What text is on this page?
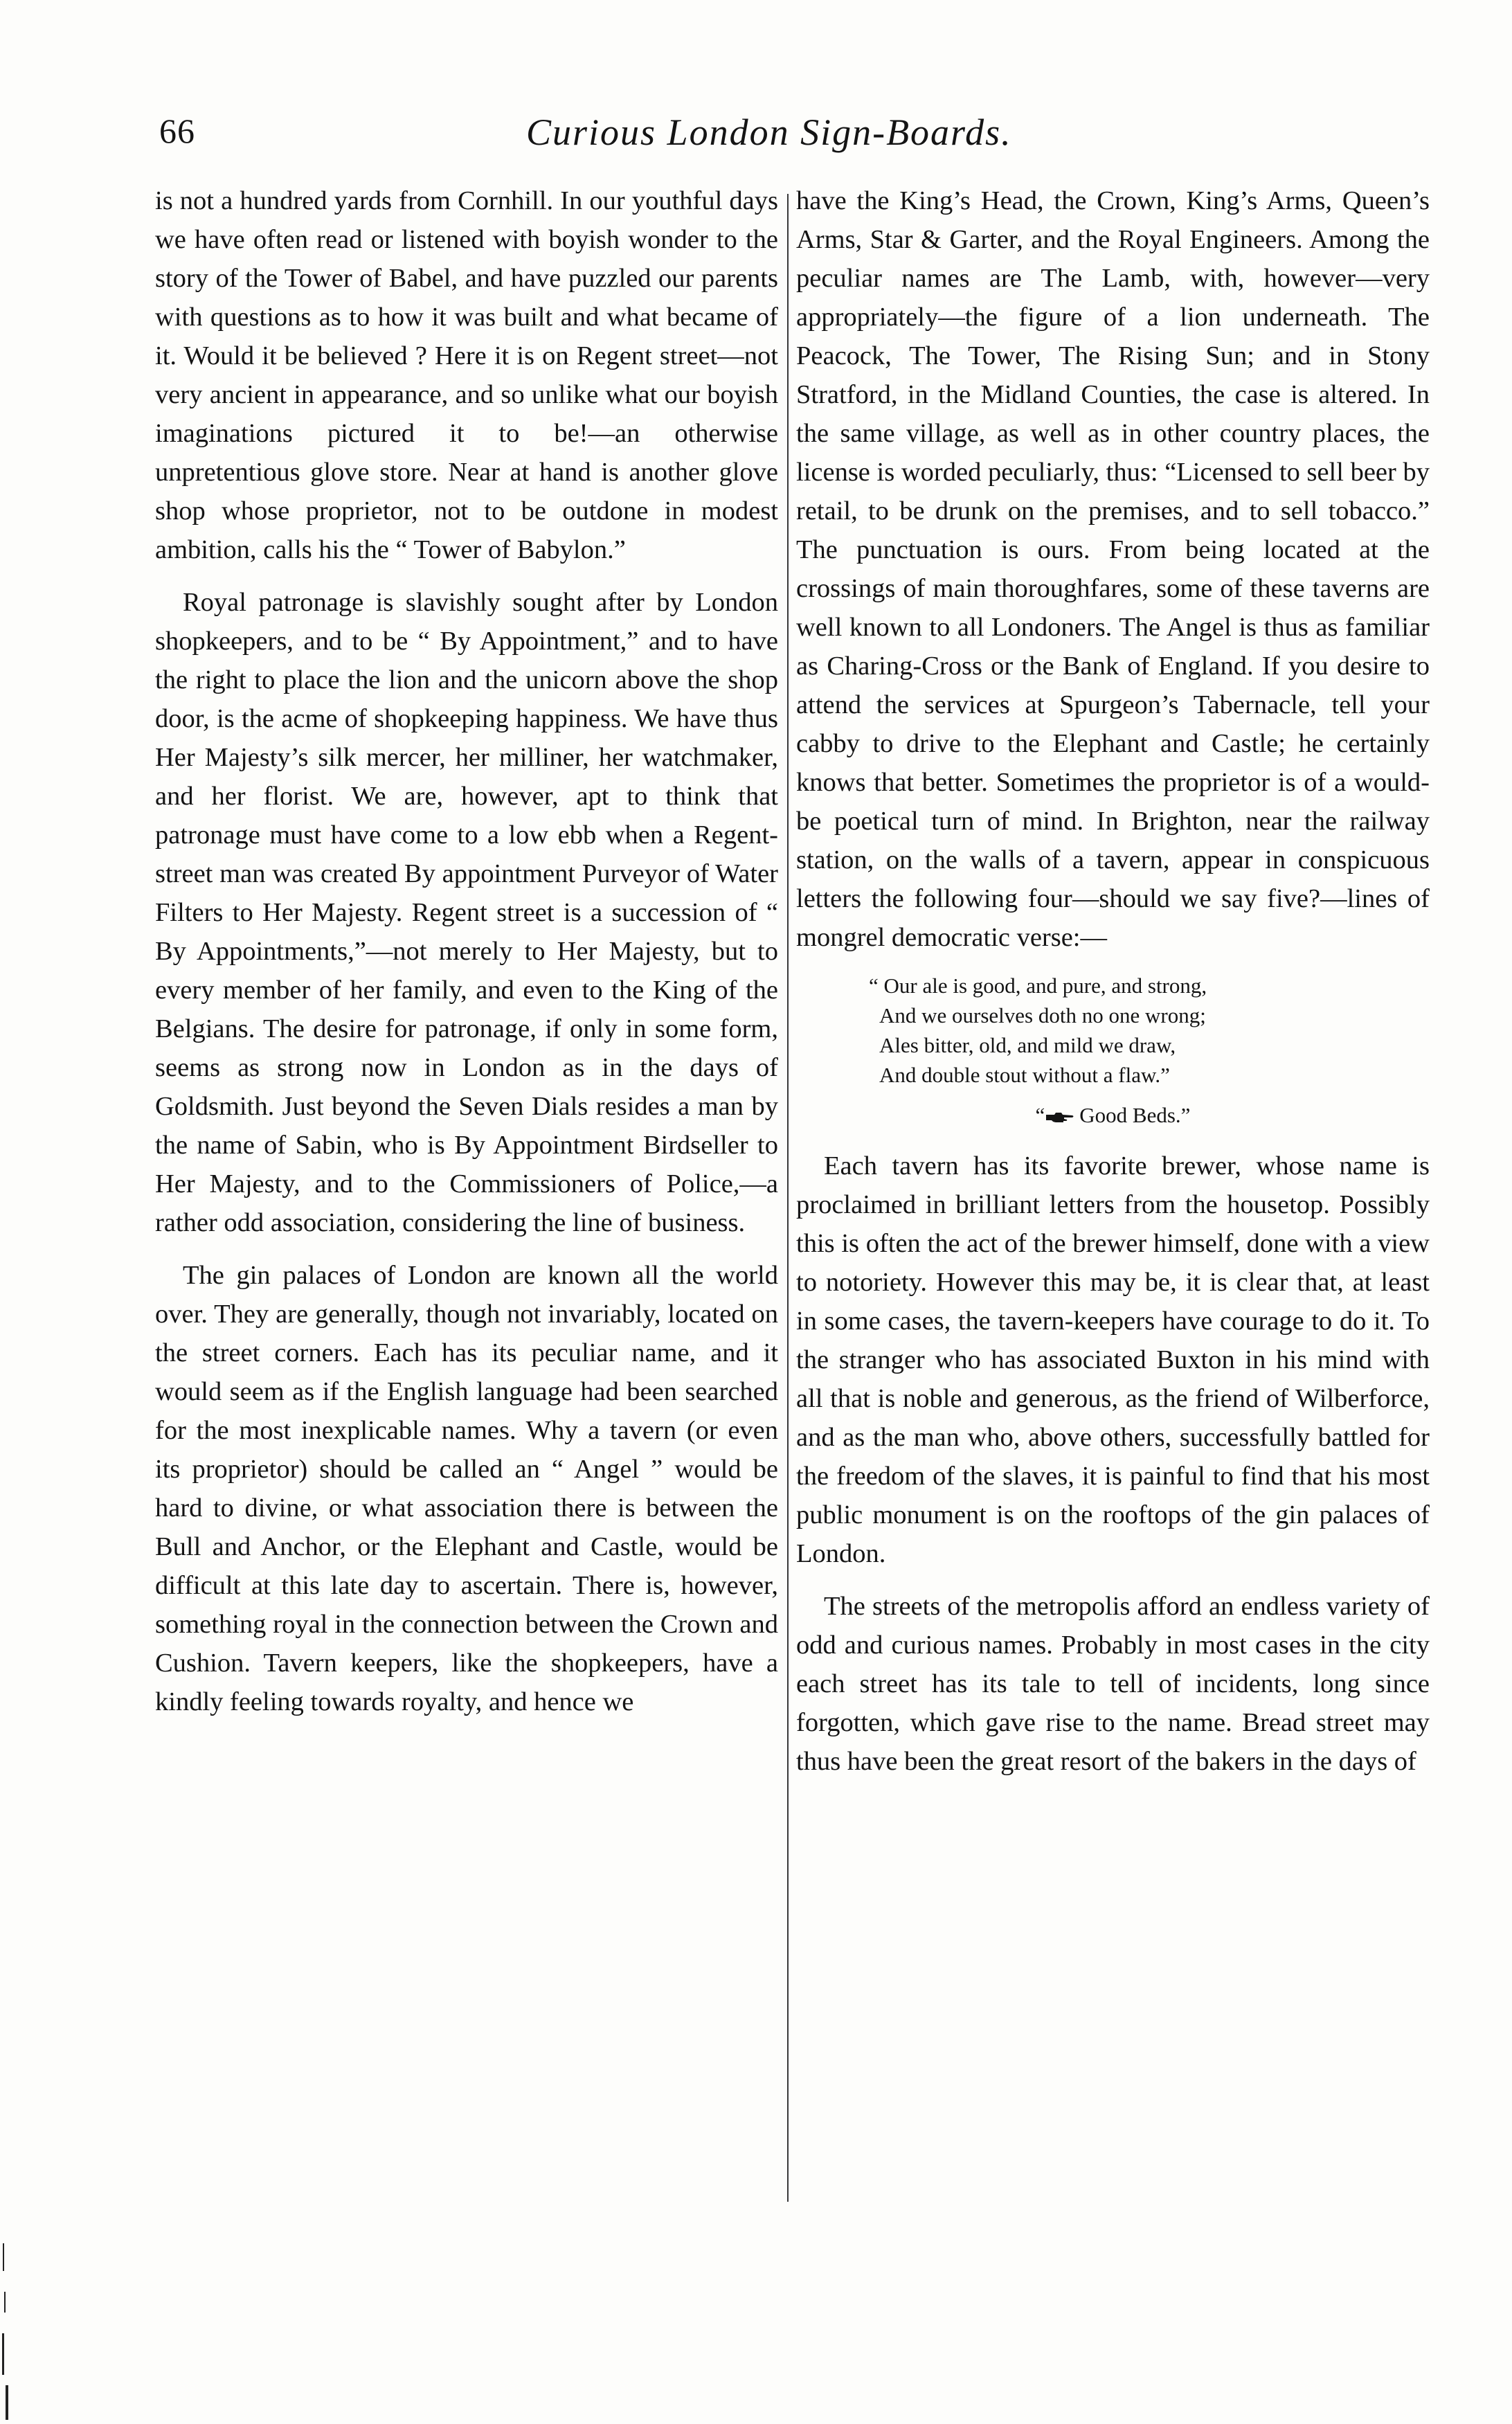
66	Curious London Sign-Boards.

is not a hundred yards from Cornhill. In our youthful days we have often read or listened with boyish wonder to the story of the Tower of Babel, and have puzzled our parents with questions as to how it was built and what became of it. Would it be believed ? Here it is on Regent street—not very ancient in appearance, and so unlike what our boyish imaginations pictured it to be!—an otherwise unpretentious glove store. Near at hand is another glove shop whose proprietor, not to be outdone in modest ambition, calls his the “ Tower of Babylon.”

Royal patronage is slavishly sought after by London shopkeepers, and to be “ By Appointment,” and to have the right to place the lion and the unicorn above the shop door, is the acme of shopkeeping happiness. We have thus Her Majesty’s silk mercer, her milliner, her watchmaker, and her florist. We are, however, apt to think that patronage must have come to a low ebb when a Regent-street man was created By appointment Purveyor of Water Filters to Her Majesty. Regent street is a succession of “ By Appointments,”—not merely to Her Majesty, but to every member of her family, and even to the King of the Belgians. The desire for patronage, if only in some form, seems as strong now in London as in the days of Goldsmith. Just beyond the Seven Dials resides a man by the name of Sabin, who is By Appointment Birdseller to Her Majesty, and to the Commissioners of Police,—a rather odd association, considering the line of business.

The gin palaces of London are known all the world over. They are generally, though not invariably, located on the street corners. Each has its peculiar name, and it would seem as if the English language had been searched for the most inexplicable names. Why a tavern (or even its proprietor) should be called an “ Angel ” would be hard to divine, or what association there is between the Bull and Anchor, or the Elephant and Castle, would be difficult at this late day to ascertain. There is, however, something royal in the connection between the Crown and Cushion. Tavern keepers, like the shopkeepers, have a kindly feeling towards royalty, and hence we

have the King’s Head, the Crown, King’s Arms, Queen’s Arms, Star & Garter, and the Royal Engineers. Among the peculiar names are The Lamb, with, however—very appropriately—the figure of a lion underneath. The Peacock, The Tower, The Rising Sun; and in Stony Stratford, in the Midland Counties, the case is altered. In the same village, as well as in other country places, the license is worded peculiarly, thus: “Licensed to sell beer by retail, to be drunk on the premises, and to sell tobacco.” The punctuation is ours. From being located at the crossings of main thoroughfares, some of these taverns are well known to all Londoners. The Angel is thus as familiar as Charing-Cross or the Bank of England. If you desire to attend the services at Spurgeon’s Tabernacle, tell your cabby to drive to the Elephant and Castle; he certainly knows that better. Sometimes the proprietor is of a would-be poetical turn of mind. In Brighton, near the railway station, on the walls of a tavern, appear in conspicuous letters the following four—should we say five?—lines of mongrel democratic verse:—

“ Our ale is good, and pure, and strong,
And we ourselves doth no one wrong;
Ales bitter, old, and mild we draw,
And double stout without a flaw.”
“ Good Beds.”

Each tavern has its favorite brewer, whose name is proclaimed in brilliant letters from the housetop. Possibly this is often the act of the brewer himself, done with a view to notoriety. However this may be, it is clear that, at least in some cases, the tavern-keepers have courage to do it. To the stranger who has associated Buxton in his mind with all that is noble and generous, as the friend of Wilberforce, and as the man who, above others, successfully battled for the freedom of the slaves, it is painful to find that his most public monument is on the rooftops of the gin palaces of London.

The streets of the metropolis afford an endless variety of odd and curious names. Probably in most cases in the city each street has its tale to tell of incidents, long since forgotten, which gave rise to the name. Bread street may thus have been the great resort of the bakers in the days of
